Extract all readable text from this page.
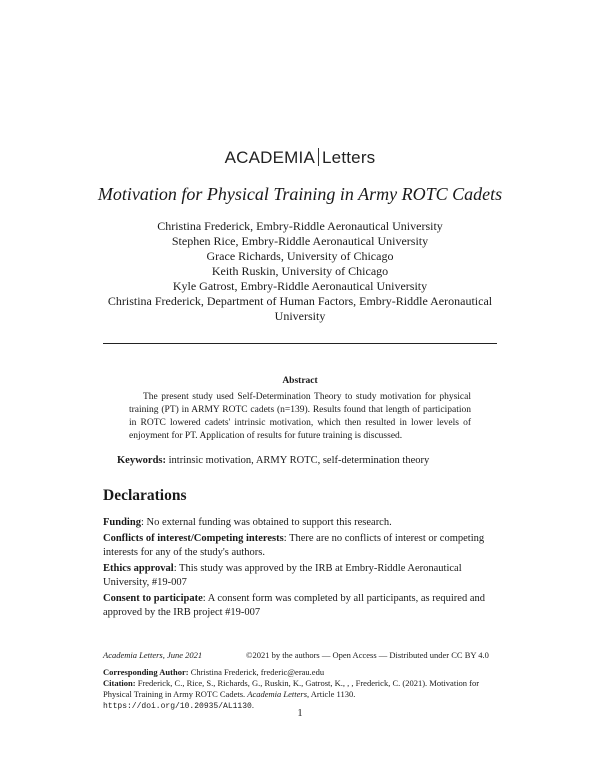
ACADEMIA Letters
Motivation for Physical Training in Army ROTC Cadets
Christina Frederick, Embry-Riddle Aeronautical University
Stephen Rice, Embry-Riddle Aeronautical University
Grace Richards, University of Chicago
Keith Ruskin, University of Chicago
Kyle Gatrost, Embry-Riddle Aeronautical University
Christina Frederick, Department of Human Factors, Embry-Riddle Aeronautical University
Abstract
The present study used Self-Determination Theory to study motivation for physical training (PT) in ARMY ROTC cadets (n=139). Results found that length of participation in ROTC lowered cadets' intrinsic motivation, which then resulted in lower levels of enjoyment for PT. Application of results for future training is discussed.
Keywords: intrinsic motivation, ARMY ROTC, self-determination theory
Declarations

Funding: No external funding was obtained to support this research.

Conflicts of interest/Competing interests: There are no conflicts of interest or competing interests for any of the study's authors.

Ethics approval: This study was approved by the IRB at Embry-Riddle Aeronautical University, #19-007

Consent to participate: A consent form was completed by all participants, as required and approved by the IRB project #19-007

Academia Letters, June 2021	©2021 by the authors — Open Access — Distributed under CC BY 4.0
Corresponding Author: Christina Frederick, frederic@erau.edu
Citation: Frederick, C., Rice, S., Richards, G., Ruskin, K., Gatrost, K., , , Frederick, C. (2021). Motivation for Physical Training in Army ROTC Cadets. Academia Letters, Article 1130.
https://doi.org/10.20935/AL1130.
1
